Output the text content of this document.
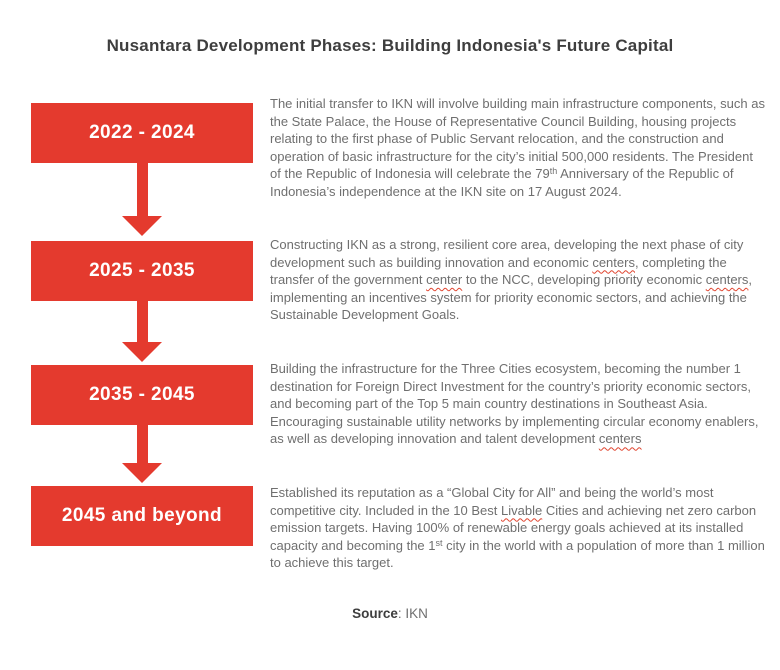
Nusantara Development Phases: Building Indonesia's Future Capital
2022 - 2024
The initial transfer to IKN will involve building main infrastructure components, such as the State Palace, the House of Representative Council Building, housing projects relating to the first phase of Public Servant relocation, and the construction and operation of basic infrastructure for the city’s initial 500,000 residents. The President of the Republic of Indonesia will celebrate the 79th Anniversary of the Republic of Indonesia’s independence at the IKN site on 17 August 2024.
2025 - 2035
Constructing IKN as a strong, resilient core area, developing the next phase of city development such as building innovation and economic centers, completing the transfer of the government center to the NCC, developing priority economic centers, implementing an incentives system for priority economic sectors, and achieving the Sustainable Development Goals.
2035 - 2045
Building the infrastructure for the Three Cities ecosystem, becoming the number 1 destination for Foreign Direct Investment for the country’s priority economic sectors, and becoming part of the Top 5 main country destinations in Southeast Asia. Encouraging sustainable utility networks by implementing circular economy enablers, as well as developing innovation and talent development centers
2045 and beyond
Established its reputation as a “Global City for All” and being the world’s most competitive city. Included in the 10 Best Livable Cities and achieving net zero carbon emission targets. Having 100% of renewable energy goals achieved at its installed capacity and becoming the 1st city in the world with a population of more than 1 million to achieve this target.
Source: IKN
